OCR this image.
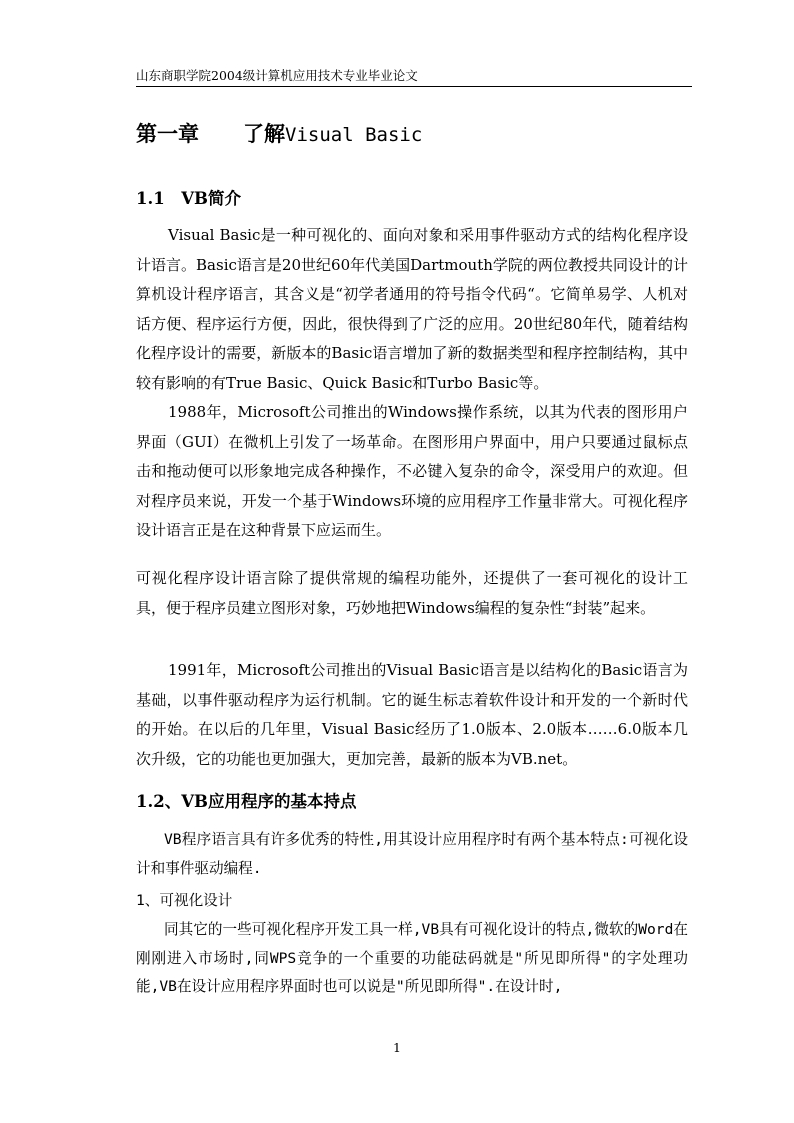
山东商职学院2004级计算机应用技术专业毕业论文
第一章 了解Visual Basic
1.1　VB简介

Visual Basic是一种可视化的、面向对象和采用事件驱动方式的结构化程序设计语言。Basic语言是20世纪60年代美国Dartmouth学院的两位教授共同设计的计算机设计程序语言，其含义是“初学者通用的符号指令代码“。它简单易学、人机对话方便、程序运行方便，因此，很快得到了广泛的应用。20世纪80年代，随着结构化程序设计的需要，新版本的Basic语言增加了新的数据类型和程序控制结构，其中较有影响的有True Basic、Quick Basic和Turbo Basic等。

1988年，Microsoft公司推出的Windows操作系统，以其为代表的图形用户界面（GUI）在微机上引发了一场革命。在图形用户界面中，用户只要通过鼠标点击和拖动便可以形象地完成各种操作，不必键入复杂的命令，深受用户的欢迎。但对程序员来说，开发一个基于Windows环境的应用程序工作量非常大。可视化程序设计语言正是在这种背景下应运而生。

可视化程序设计语言除了提供常规的编程功能外，还提供了一套可视化的设计工具，便于程序员建立图形对象，巧妙地把Windows编程的复杂性“封装”起来。

1991年，Microsoft公司推出的Visual Basic语言是以结构化的Basic语言为基础，以事件驱动程序为运行机制。它的诞生标志着软件设计和开发的一个新时代的开始。在以后的几年里，Visual Basic经历了1.0版本、2.0版本……6.0版本几次升级，它的功能也更加强大，更加完善，最新的版本为VB.net。

1.2、VB应用程序的基本持点

VB程序语言具有许多优秀的特性,用其设计应用程序时有两个基本特点:可视化设计和事件驱动编程.

1、可视化设计

同其它的一些可视化程序开发工具一样,VB具有可视化设计的特点,微软的Word在刚刚进入市场时,同WPS竞争的一个重要的功能砝码就是"所见即所得"的字处理功能,VB在设计应用程序界面时也可以说是"所见即所得".在设计时,

1
